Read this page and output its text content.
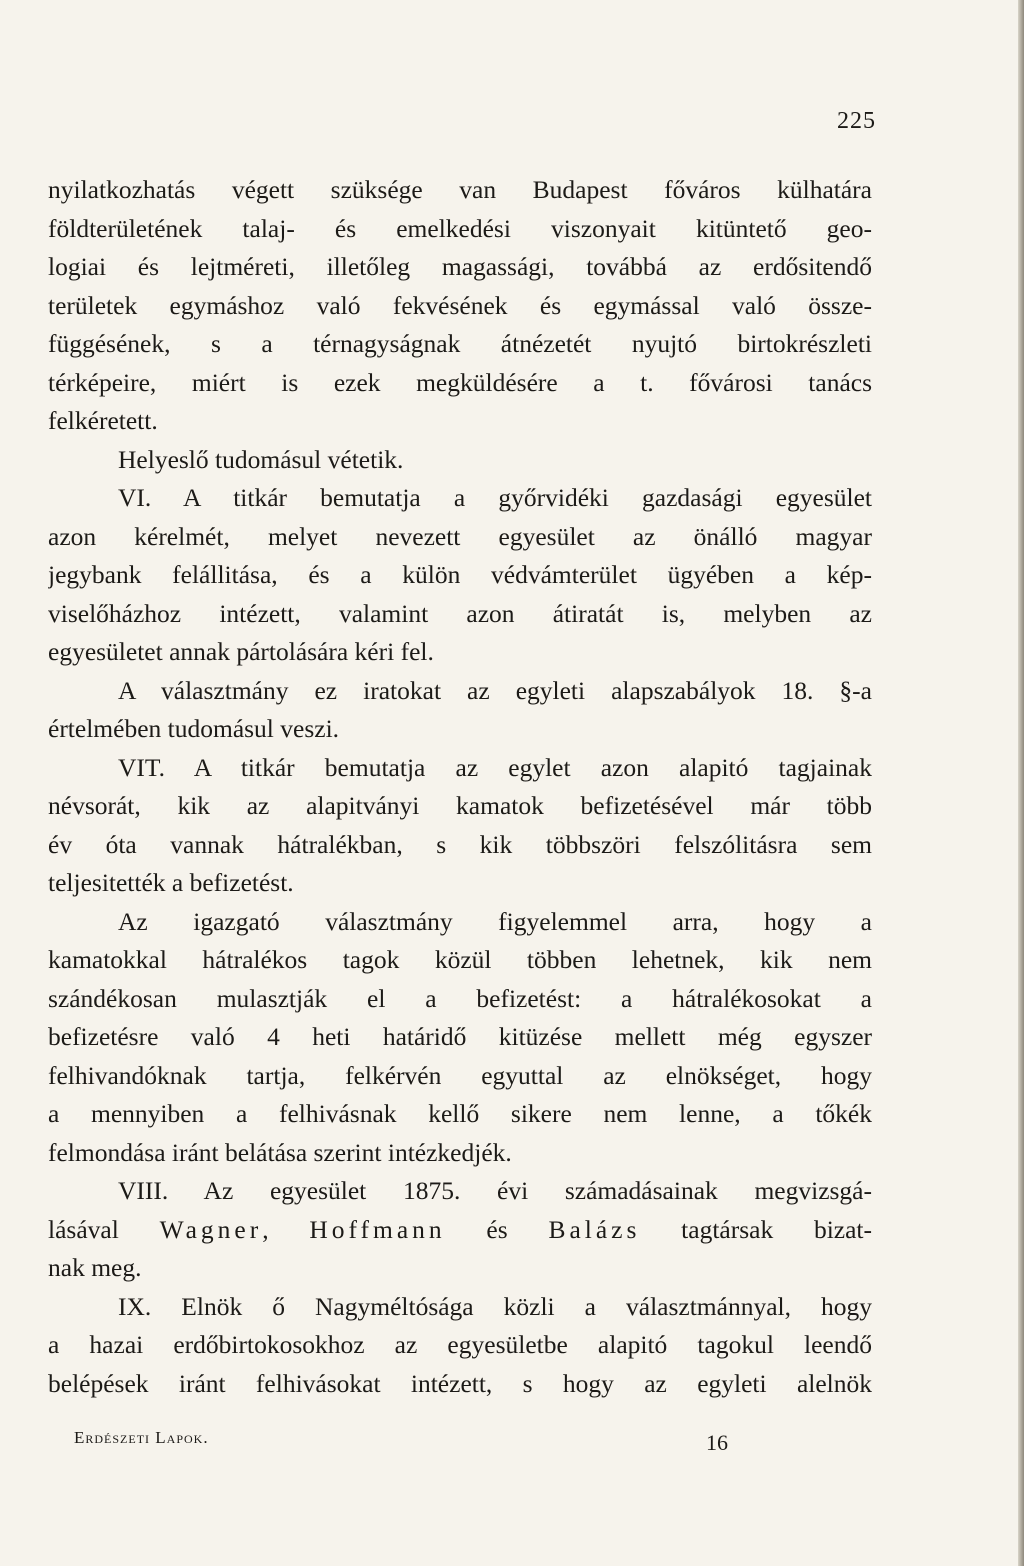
225
nyilatkozhatás végett szüksége van Budapest főváros külhatára
földterületének talaj- és emelkedési viszonyait kitüntető geo-
logiai és lejtméreti, illetőleg magassági, továbbá az erdősitendő
területek egymáshoz való fekvésének és egymással való össze-
függésének, s a térnagyságnak átnézetét nyujtó birtokrészleti
térképeire, miért is ezek megküldésére a t. fővárosi tanács
felkéretett.
Helyeslő tudomásul vétetik.
VI. A titkár bemutatja a győrvidéki gazdasági egyesület
azon kérelmét, melyet nevezett egyesület az önálló magyar
jegybank felállitása, és a külön védvámterület ügyében a kép-
viselőházhoz intézett, valamint azon átiratát is, melyben az
egyesületet annak pártolására kéri fel.
A választmány ez iratokat az egyleti alapszabályok 18. §-a
értelmében tudomásul veszi.
VIT. A titkár bemutatja az egylet azon alapitó tagjainak
névsorát, kik az alapitványi kamatok befizetésével már több
év óta vannak hátralékban, s kik többszöri felszólitásra sem
teljesitették a befizetést.
Az igazgató választmány figyelemmel arra, hogy a
kamatokkal hátralékos tagok közül többen lehetnek, kik nem
szándékosan mulasztják el a befizetést: a hátralékosokat a
befizetésre való 4 heti határidő kitüzése mellett még egyszer
felhivandóknak tartja, felkérvén egyuttal az elnökséget, hogy
a mennyiben a felhivásnak kellő sikere nem lenne, a tőkék
felmondása iránt belátása szerint intézkedjék.
VIII. Az egyesület 1875. évi számadásainak megvizsgá-
lásával Wagner, Hoffmann és Balázs tagtársak bizat-
nak meg.
IX. Elnök ő Nagyméltósága közli a választmánnyal, hogy
a hazai erdőbirtokosokhoz az egyesületbe alapitó tagokul leendő
belépések iránt felhivásokat intézett, s hogy az egyleti alelnök
Erdészeti Lapok.	16
